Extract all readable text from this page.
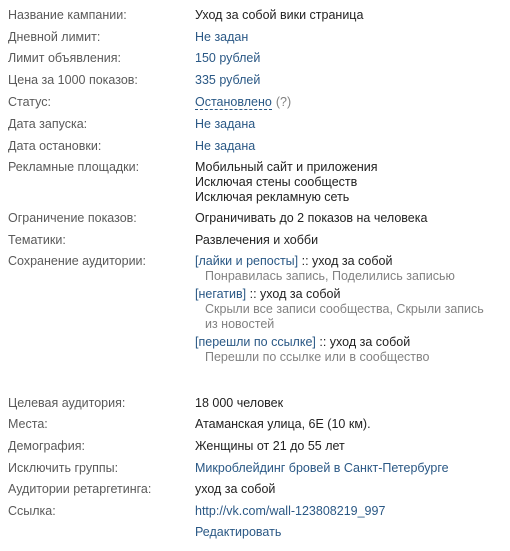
Название кампании:	Уход за собой вики страница
Дневной лимит:	Не задан
Лимит объявления:	150 рублей
Цена за 1000 показов:	335 рублей
Статус:	Остановлено (?)
Дата запуска:	Не задана
Дата остановки:	Не задана
Рекламные площадки:	Мобильный сайт и приложения
Исключая стены сообществ
Исключая рекламную сеть
Ограничение показов:	Ограничивать до 2 показов на человека
Тематики:	Развлечения и хобби
Сохранение аудитории:	[лайки и репосты] :: уход за собой
Понравилась запись, Поделились записью
[негатив] :: уход за собой
Скрыли все записи сообщества, Скрыли запись из новостей
[перешли по ссылке] :: уход за собой
Перешли по ссылке или в сообщество
Целевая аудитория:	18 000 человек
Места:	Атаманская улица, 6Е (10 км).
Демография:	Женщины от 21 до 55 лет
Исключить группы:	Микроблейдинг бровей в Санкт-Петербурге
Аудитории ретаргетинга:	уход за собой
Ссылка:	http://vk.com/wall-123808219_997
Редактировать
